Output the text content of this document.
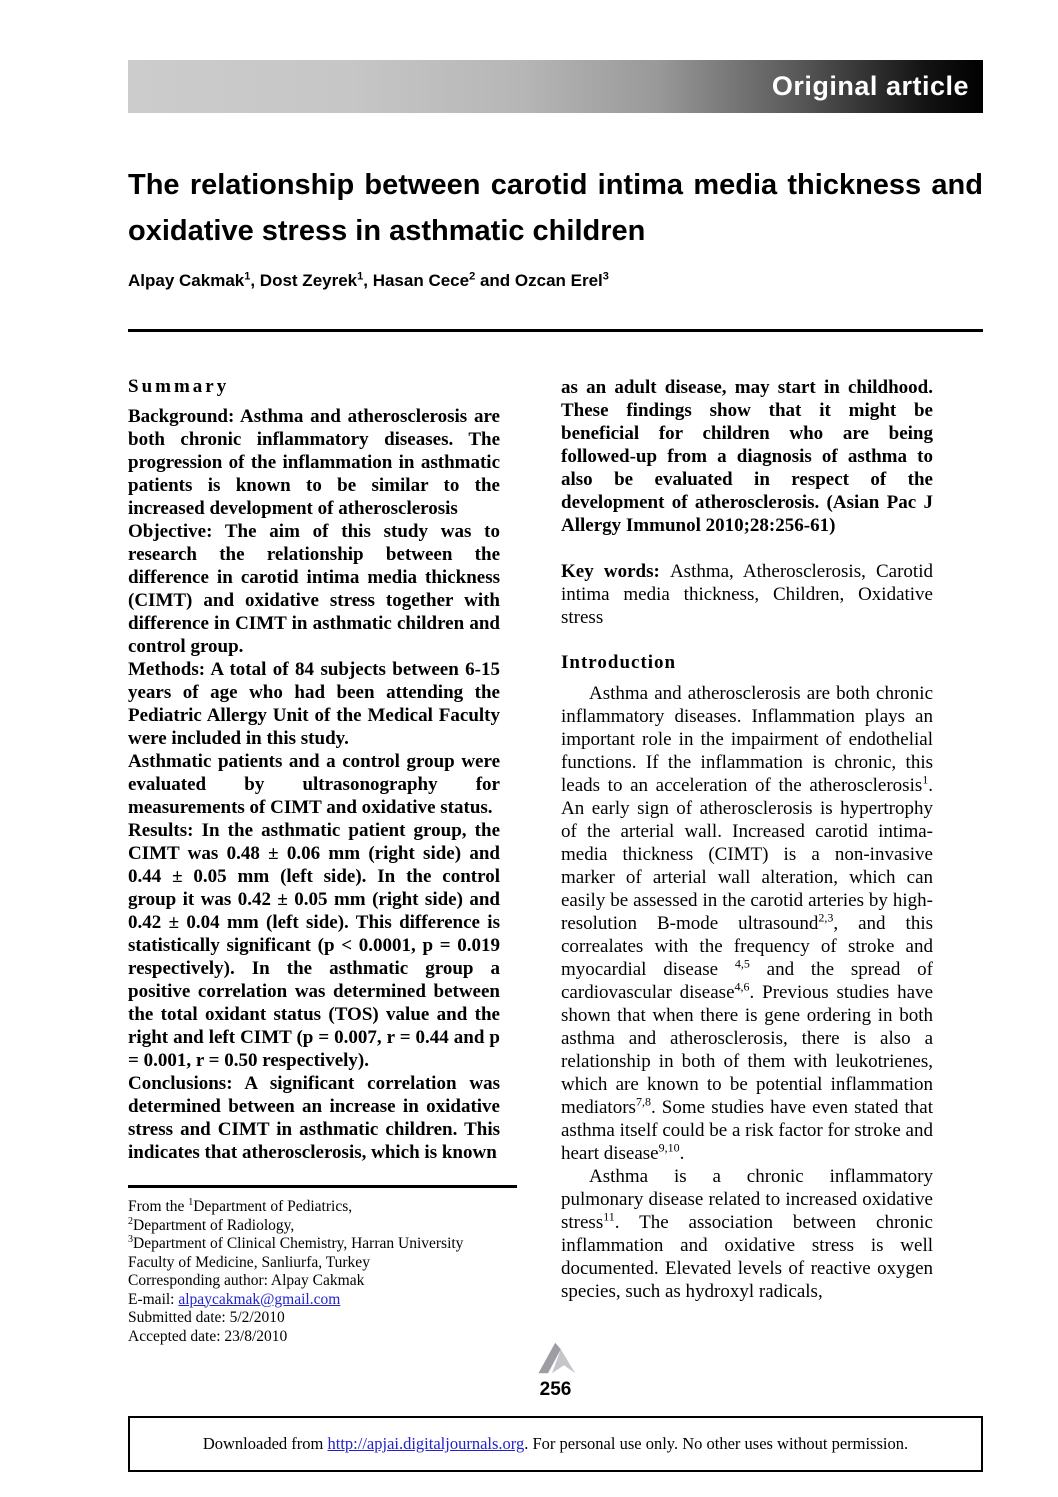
Original article
The relationship between carotid intima media thickness and oxidative stress in asthmatic children
Alpay Cakmak$^1$, Dost Zeyrek$^1$, Hasan Cece$^2$ and Ozcan Erel$^3$
Summary

Background: Asthma and atherosclerosis are both chronic inflammatory diseases. The progression of the inflammation in asthmatic patients is known to be similar to the increased development of atherosclerosis

Objective: The aim of this study was to research the relationship between the difference in carotid intima media thickness (CIMT) and oxidative stress together with difference in CIMT in asthmatic children and control group.

Methods: A total of 84 subjects between 6-15 years of age who had been attending the Pediatric Allergy Unit of the Medical Faculty were included in this study.

Asthmatic patients and a control group were evaluated by ultrasonography for measurements of CIMT and oxidative status.

Results: In the asthmatic patient group, the CIMT was 0.48 ± 0.06 mm (right side) and 0.44 ± 0.05 mm (left side). In the control group it was 0.42 ± 0.05 mm (right side) and 0.42 ± 0.04 mm (left side). This difference is statistically significant (p < 0.0001, p = 0.019 respectively). In the asthmatic group a positive correlation was determined between the total oxidant status (TOS) value and the right and left CIMT (p = 0.007, r = 0.44 and p = 0.001, r = 0.50 respectively).

Conclusions: A significant correlation was determined between an increase in oxidative stress and CIMT in asthmatic children. This indicates that atherosclerosis, which is known

as an adult disease, may start in childhood. These findings show that it might be beneficial for children who are being followed-up from a diagnosis of asthma to also be evaluated in respect of the development of atherosclerosis. (Asian Pac J Allergy Immunol 2010;28:256-61)

Key words: Asthma, Atherosclerosis, Carotid intima media thickness, Children, Oxidative stress

Introduction

Asthma and atherosclerosis are both chronic inflammatory diseases. Inflammation plays an important role in the impairment of endothelial functions. If the inflammation is chronic, this leads to an acceleration of the atherosclerosis$^1$. An early sign of atherosclerosis is hypertrophy of the arterial wall. Increased carotid intima-media thickness (CIMT) is a non-invasive marker of arterial wall alteration, which can easily be assessed in the carotid arteries by high-resolution B-mode ultrasound$^{2,3}$, and this correalates with the frequency of stroke and myocardial disease $^{4,5}$ and the spread of cardiovascular disease$^{4,6}$. Previous studies have shown that when there is gene ordering in both asthma and atherosclerosis, there is also a relationship in both of them with leukotrienes, which are known to be potential inflammation mediators$^{7,8}$. Some studies have even stated that asthma itself could be a risk factor for stroke and heart disease$^{9,10}$.

Asthma is a chronic inflammatory pulmonary disease related to increased oxidative stress$^{11}$. The association between chronic inflammation and oxidative stress is well documented. Elevated levels of reactive oxygen species, such as hydroxyl radicals,

From the $^1$Department of Pediatrics,
$^2$Department of Radiology,
$^3$Department of Clinical Chemistry, Harran University
Faculty of Medicine, Sanliurfa, Turkey
Corresponding author: Alpay Cakmak
E-mail: alpaycakmak@gmail.com
Submitted date: 5/2/2010
Accepted date: 23/8/2010
256
Downloaded from http://apjai.digitaljournals.org. For personal use only. No other uses without permission.
